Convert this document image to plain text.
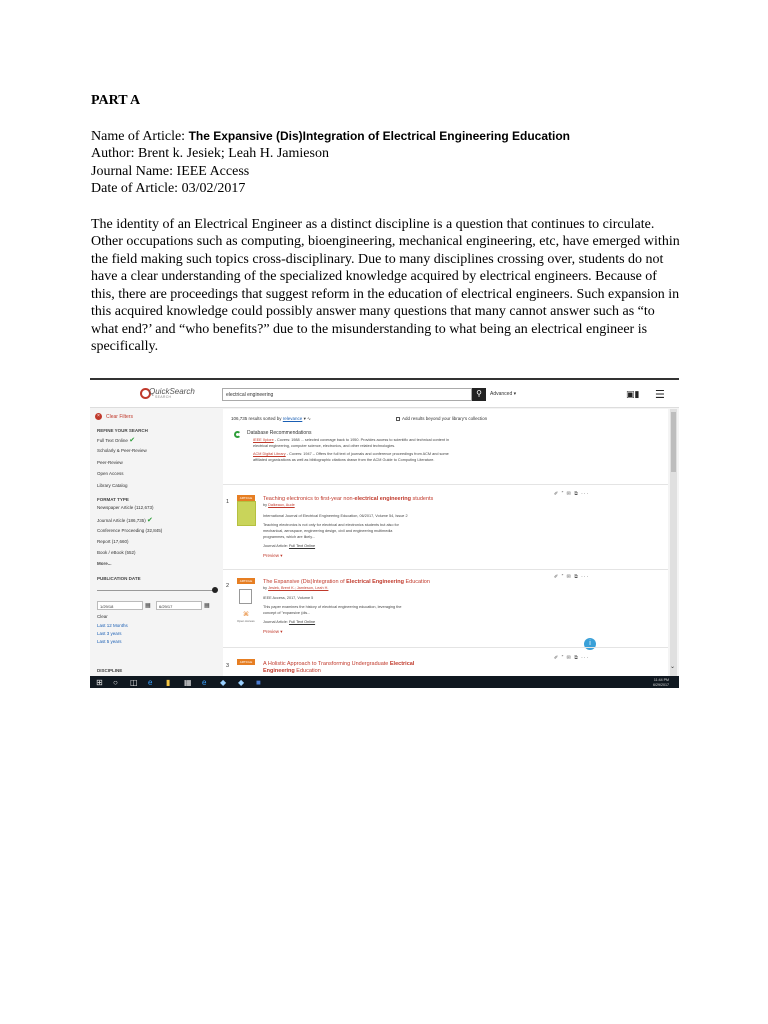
PART A
Name of Article: The Expansive (Dis)Integration of Electrical Engineering Education
Author: Brent k. Jesiek; Leah H. Jamieson
Journal Name: IEEE Access
Date of Article: 03/02/2017

The identity of an Electrical Engineer as a distinct discipline is a question that continues to circulate. Other occupations such as computing, bioengineering, mechanical engineering, etc, have emerged within the field making such topics cross-disciplinary. Due to many disciplines crossing over, students do not have a clear understanding of the specialized knowledge acquired by electrical engineers. Because of this, there are proceedings that suggest reform in the education of electrical engineers. Such expansion in this acquired knowledge could possibly answer many questions that many cannot answer such as “to what end?’ and “who benefits?” due to the misunderstanding to what being an electrical engineer is specifically.

QuickSearch
SEARCH	electrical engineering	⚲	Advanced ▾	▣▮ ☰
×	Clear Filters
REFINE YOUR SEARCH
Full Text Online ✔
Scholarly & Peer-Review
Peer-Review
Open Access
Library Catalog
FORMAT TYPE
Newspaper Article (112,673)
Journal Article (186,735) ✔
Conference Proceeding (32,845)
Report (17,660)
Book / eBook (552)
More...
PUBLICATION DATE
1/29/18	▦	6/29/17	▦
Clear
Last 12 Months
Last 3 years
Last 5 years
DISCIPLINE
106,735 results sorted by relevance ▾ ∿	Add results beyond your library's collection
Database Recommendations
IEEE Xplore - Covers: 1988 ... selected coverage back to 1950. Provides access to scientific and technical content in
electrical engineering, computer science, electronics, and other related technologies.
ACM Digital Library - Covers: 1947 – Offers the full text of journals and conference proceedings from ACM and some
affiliated organizations as well as bibliographic citations drawn from the ACM Guide to Computing Literature.
1
ARTICLE	Teaching electronics to first-year non-electrical engineering students
by Dalkeaux, Aude
International Journal of Electrical Engineering Education, 06/2017, Volume 54, Issue 2
Teaching electronics is not only for electrical and electronics students but also for
mechanical, aerospace, engineering design, civil and engineering multimedia
programmes, which are likely...
Journal Article: Full Text Online
Preview ▾
✐ ” ✉ ⧉ ···
2
ARTICLE
⌘
Open Access
The Expansive (Dis)Integration of Electrical Engineering Education
by Jesiek, Brent K.; Jamieson, Leah H.
IEEE Access, 2017, Volume 5
This paper examines the history of electrical engineering education, leveraging the
concept of "expansive (dis...
Journal Article: Full Text Online
Preview ▾
✐ ” ✉ ⧉ ···
i
3
ARTICLE	A Holistic Approach to Transforming Undergraduate Electrical
Engineering Education
✐ ” ✉ ⧉ ···
⌄
⊞ ○ ◫ e ▮ ▦ e ◆ ◆ ■	11:44 PM
6/29/2017
